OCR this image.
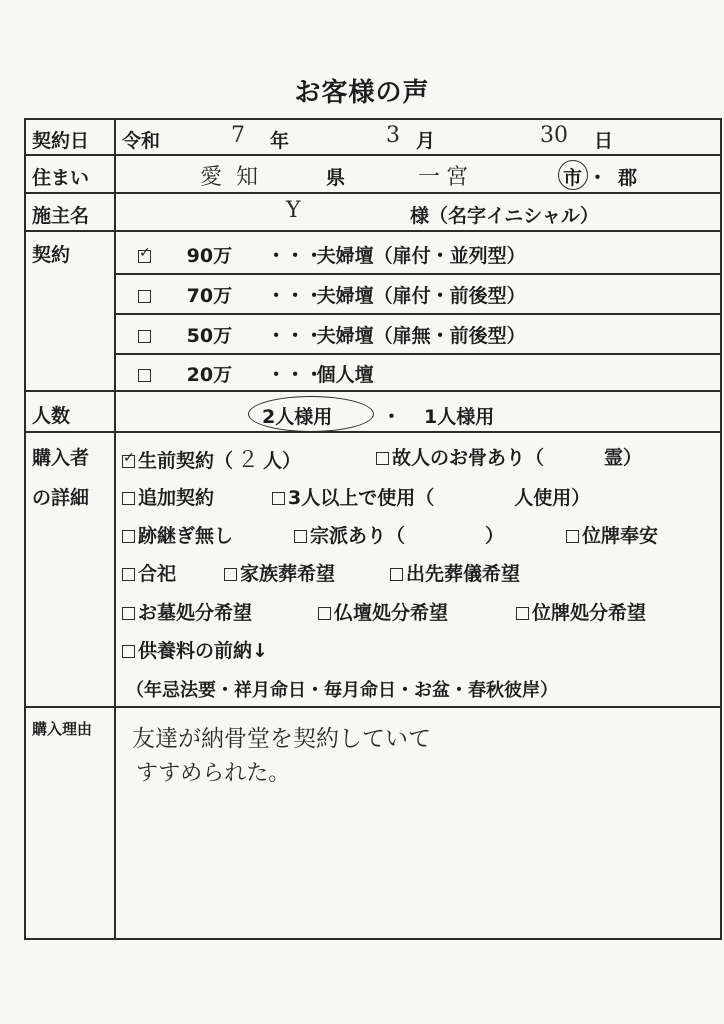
お客様の声
契約日	令和	7 年	3 月	30 日
住まい	愛知	県	一宮	市 ・ 郡
施主名	Y	様（名字イニシャル）
契約
✓	90万 ・・・夫婦壇（扉付・並列型）
70万 ・・・夫婦壇（扉付・前後型）
50万 ・・・夫婦壇（扉無・前後型）
20万 ・・・個人壇
人数	2人様用	・ 1人様用
購入者
の詳細
✓生前契約（ ２ 人）	故人のお骨あり（	霊）
追加契約	3人以上で使用（	人使用）
跡継ぎ無し	宗派あり（	）	位牌奉安
合祀	家族葬希望	出先葬儀希望
お墓処分希望	仏壇処分希望	位牌処分希望
供養料の前納↓
（年忌法要・祥月命日・毎月命日・お盆・春秋彼岸）
購入理由	友達が納骨堂を契約していて
すすめられた。
